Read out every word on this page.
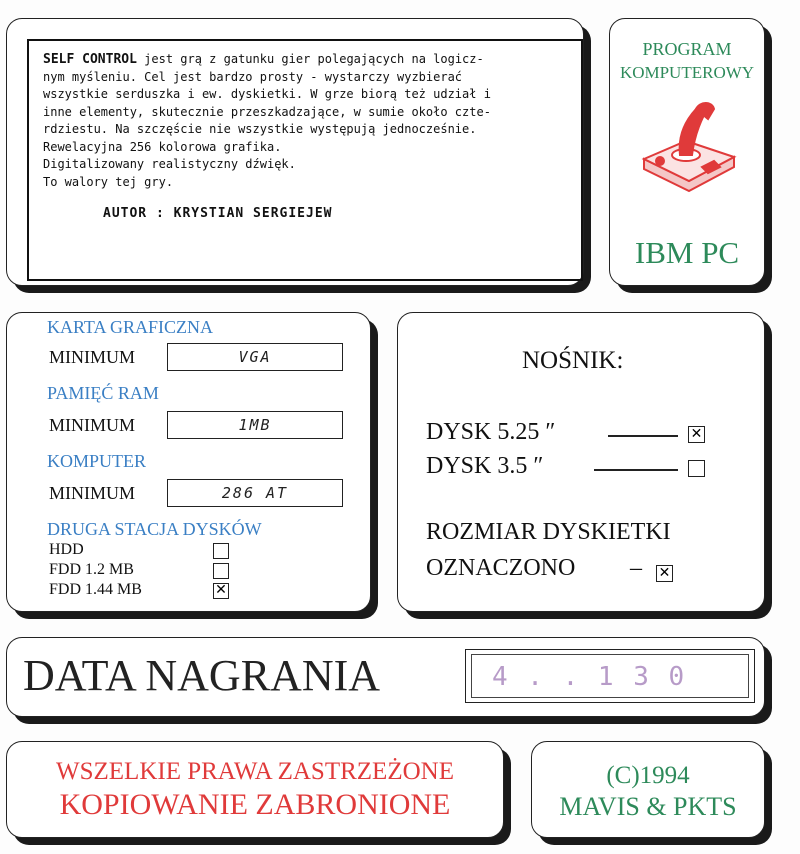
SELF CONTROL jest grą z gatunku gier polegających na logicz-

nym myśleniu. Cel jest bardzo prosty - wystarczy wyzbierać

wszystkie serduszka i ew. dyskietki. W grze biorą też udział i

inne elementy, skutecznie przeszkadzające, w sumie około czte-

rdziestu. Na szczęście nie wszystkie występują jednocześnie.

Rewelacyjna 256 kolorowa grafika.

Digitalizowany realistyczny dźwięk.

To walory tej gry.

AUTOR : KRYSTIAN SERGIEJEW

PROGRAM
KOMPUTEROWY
IBM PC
KARTA GRAFICZNA
MINIMUM	VGA
PAMIĘĆ RAM
MINIMUM	1MB
KOMPUTER
MINIMUM	286 AT
DRUGA STACJA DYSKÓW
HDD
FDD 1.2 MB
FDD 1.44 MB	✕
NOŚNIK:
DYSK 5.25 ″	✕
DYSK 3.5 ″
ROZMIAR DYSKIETKI
OZNACZONO – ✕
DATA NAGRANIA	4 . . 1 3 0
WSZELKIE PRAWA ZASTRZEŻONE
KOPIOWANIE ZABRONIONE
(C)1994
MAVIS & PKTS
